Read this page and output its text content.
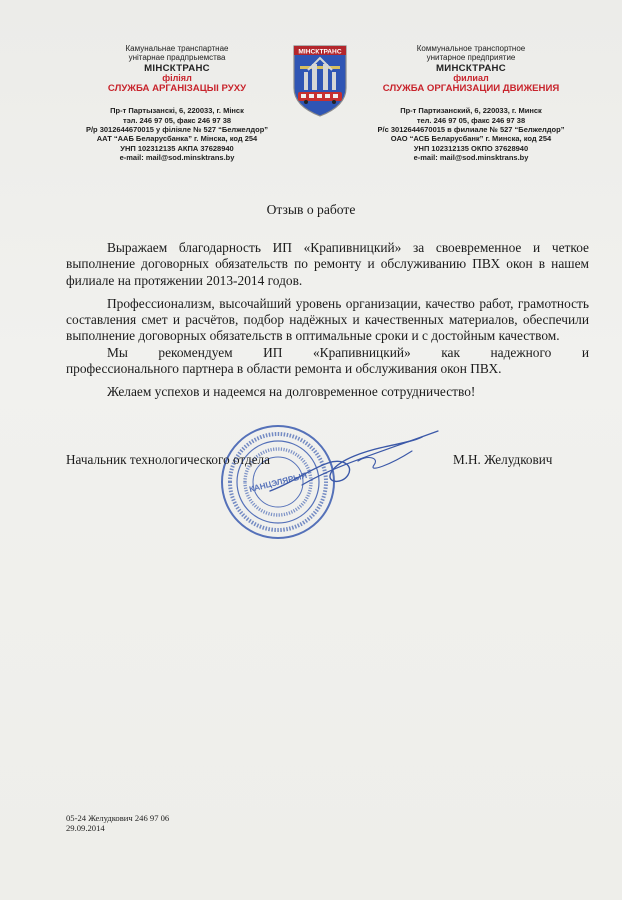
Камунальнае транспартнае
унітарнае прадпрыемства
МIНСКТРАНС
філіял
СЛУЖБА АРГАНІЗАЦЫІ РУХУ
Пр-т Партызанскі, 6, 220033, г. Мінск
тэл. 246 97 05, факс 246 97 38
Р/р 3012644670015 у філіяле № 527 “Белжелдор”
ААТ “ААБ Беларусбанка” г. Мінска, код 254
УНП 102312135 АКПА 37628940
e-mail: mail@sod.minsktrans.by
МIНСКТРАНС	Коммунальное транспортное
унитарное предприятие
МИНСКТРАНС
филиал
СЛУЖБА ОРГАНИЗАЦИИ ДВИЖЕНИЯ
Пр-т Партизанский, 6, 220033, г. Минск
тел. 246 97 05, факс 246 97 38
Р/с 3012644670015 в филиале № 527 “Белжелдор”
ОАО “АСБ Беларусбанк” г. Минска, код 254
УНП 102312135 ОКПО 37628940
e-mail: mail@sod.minsktrans.by
Отзыв о работе

Выражаем благодарность ИП «Крапивницкий» за своевременное и четкое выполнение договорных обязательств по ремонту и обслуживанию ПВХ окон в нашем филиале на протяжении 2013-2014 годов.

Профессионализм, высочайший уровень организации, качество работ, грамотность составления смет и расчётов, подбор надёжных и качественных материалов, обеспечили выполнение договорных обязательств в оптимальные сроки и с достойным качеством.

Мы рекомендуем ИП «Крапивницкий» как надежного и

профессионального партнера в области ремонта и обслуживания окон ПВХ.

Желаем успехов и надеемся на долговременное сотрудничество!

КАНЦЭЛЯРЫЯ
Начальник технологического отдела	М.Н. Желудкович
05-24 Желудкович 246 97 06
29.09.2014
